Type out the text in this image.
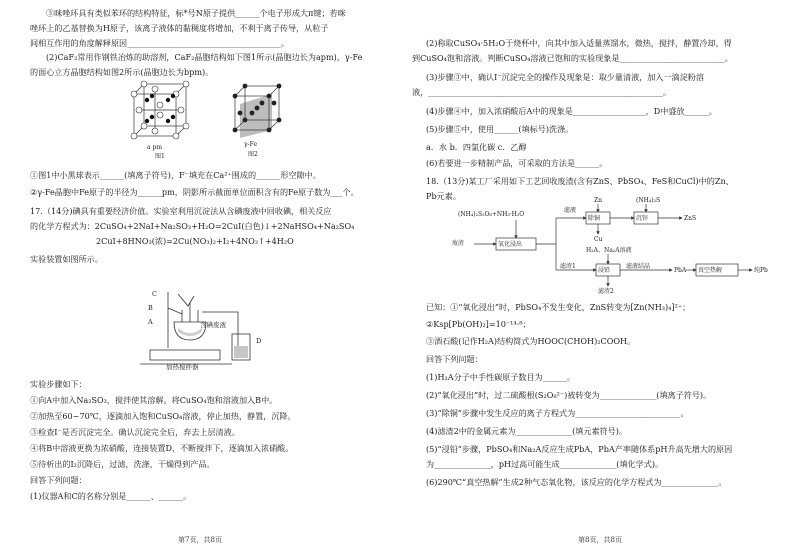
③咪唑环具有类似苯环的结构特征，标*号N原子提供______个电子形成大π键；若咪
唑环上的乙基替换为H原子，该离子液体的黏稠度将增加，不利于离子传导，从粒子
间相互作用的角度解释原因______________________________________。
(2)CaF₂常用作钢铁冶炼的助溶剂，CaF₂晶胞结构如下图1所示(晶胞边长为apm)，γ-Fe
的面心立方晶胞结构如图2所示(晶胞边长为bpm)。
a pm
图1
γ-Fe
图2
①图1中小黑球表示______(填离子符号)，F⁻填充在Ca²⁺围成的______形空隙中。
②γ-Fe晶胞中Fe原子的半径为______pm，阴影所示截面单位面积含有的Fe原子数为___个。
17.（14分)碘具有重要经济价值。实验室利用沉淀法从含碘废液中回收碘，相关反应
的化学方程式为：2CuSO₄+2NaI+Na₂SO₃+H₂O=2CuI(白色)↓+2NaHSO₄+Na₂SO₄
2CuI+8HNO₃(浓)=2Cu(NO₃)₂+I₂+4NO₂↑+4H₂O
实验装置如图所示。
C
B
A	含碘废液
加热搅拌器
D
实验步骤如下：
①向A中加入Na₂SO₃，搅拌使其溶解。将CuSO₄饱和溶液加入B中。
②加热至60~70℃，逐滴加入饱和CuSO₄溶液，停止加热，静置，沉降。
③检查I⁻是否沉淀完全。确认沉淀完全后，弃去上层清液。
④将B中溶液更换为浓硝酸，连接装置D，不断搅拌下，逐滴加入浓硝酸。
⑤待析出的I₂沉降后，过滤，洗涤，干燥得到产品。
回答下列问题：
(1)仪器A和C的名称分别是______、______。
第7页，共8页
(2)称取CuSO₄·5H₂O于烧杯中，向其中加入适量蒸馏水，微热，搅拌，静置冷却，得
到CuSO₄饱和溶液。判断CuSO₄溶液已饱和的实验现象是__________________________。
(3)步骤③中，确认I⁻沉淀完全的操作及现象是：取少量清液，加入一滴淀粉溶
液，__________________________________________________________。
(4)步骤④中，加入浓硝酸后A中的现象是__________________，D中盛放______。
(5)步骤⑤中，使用______(填标号)洗涤。
a．水 b．四氯化碳 c．乙醇
(6)若要进一步精制产品，可采取的方法是______。
18.（13分)某工厂采用如下工艺回收废渣(含有ZnS、PbSO₄、FeS和CuCl)中的Zn、
Pb元素。
(NH₄)₂S₂O₈+NH₃·H₂O
废渣	氧化浸出
滤液
Zn
除铜
Cu
(NH₄)₂S
沉锌	ZnS
滤渣1
H₂A、Na₂A溶液
浸铅
滤液结晶
PbA 真空热解	纯Pb
滤渣2
已知：①“氧化浸出”时，PbSO₄不发生变化，ZnS转变为[Zn(NH₃)₄]²⁺；
②Ksp[Pb(OH)₂]=10⁻¹⁴·⁸；
③酒石酸(记作H₂A)结构简式为HOOC(CHOH)₂COOH。
回答下列问题：
(1)H₂A分子中手性碳原子数目为______。
(2)“氧化浸出”时，过二硫酸根(S₂O₈²⁻)被转变为______________(填离子符号)。
(3)“除铜”步骤中发生反应的离子方程式为__________________________。
(4)滤渣2中的金属元素为______________(填元素符号)。
(5)“浸铅”步骤，PbSO₄和Na₂A反应生成PbA，PbA产率随体系pH升高先增大的原因
为______________，pH过高可能生成______________(填化学式)。
(6)290℃“真空热解”生成2种气态氧化物，该反应的化学方程式为______________。
第8页，共8页
